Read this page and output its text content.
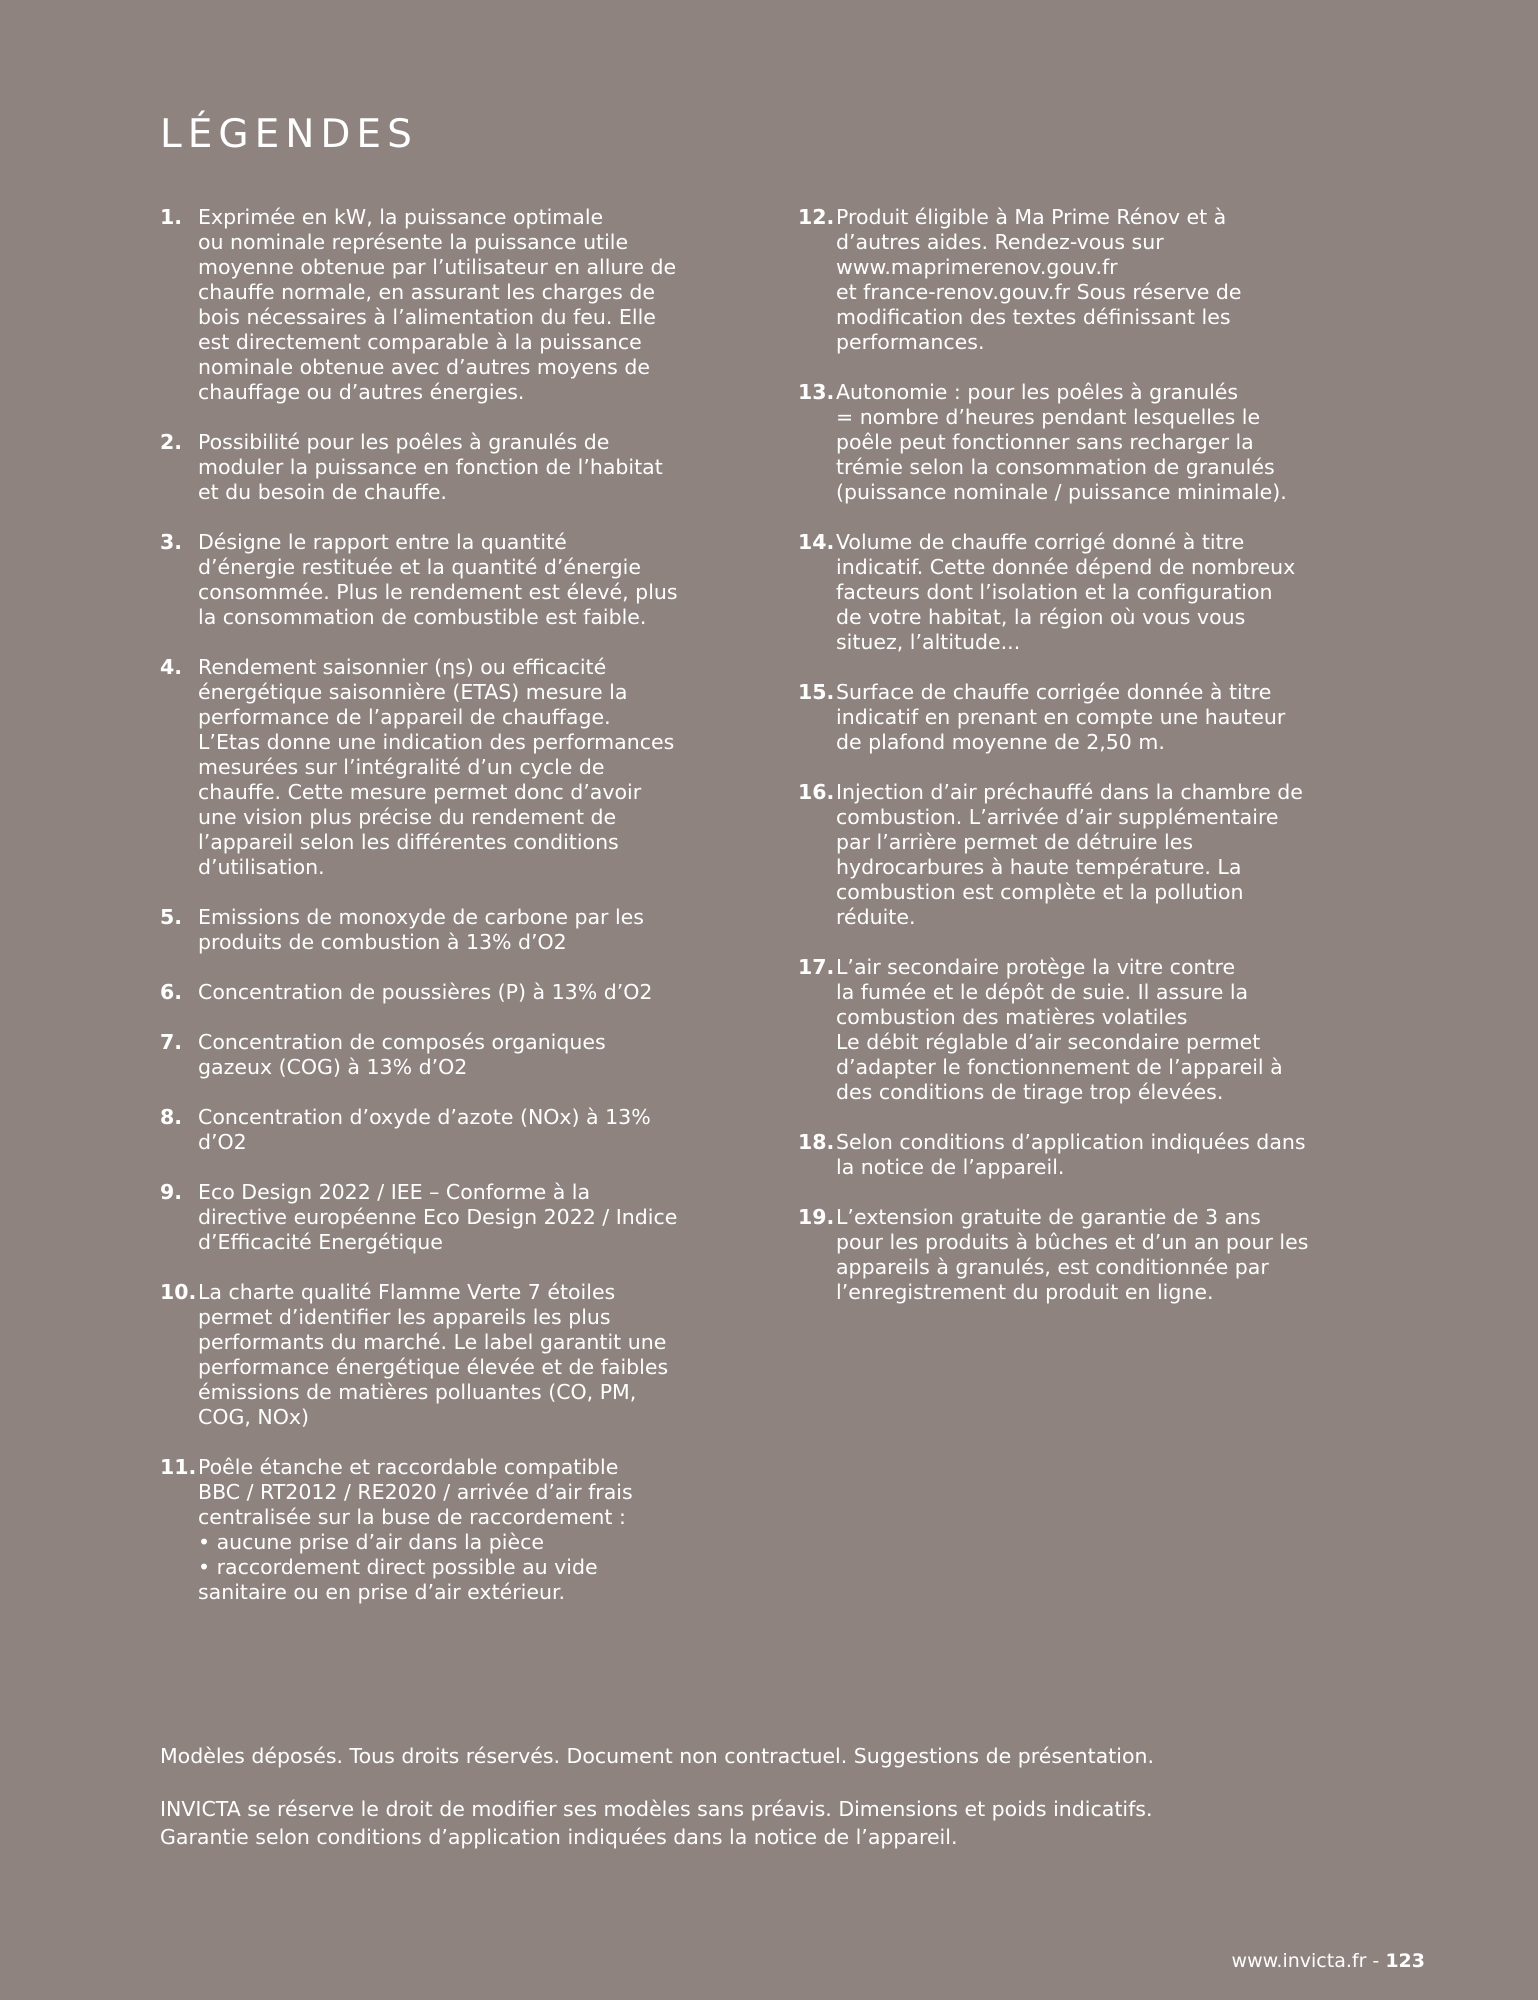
LÉGENDES
1. Exprimée en kW, la puissance optimale
ou nominale représente la puissance utile
moyenne obtenue par l’utilisateur en allure de
chauffe normale, en assurant les charges de
bois nécessaires à l’alimentation du feu. Elle
est directement comparable à la puissance
nominale obtenue avec d’autres moyens de
chauffage ou d’autres énergies.
2. Possibilité pour les poêles à granulés de
moduler la puissance en fonction de l’habitat
et du besoin de chauffe.
3. Désigne le rapport entre la quantité
d’énergie restituée et la quantité d’énergie
consommée. Plus le rendement est élevé, plus
la consommation de combustible est faible.
4. Rendement saisonnier (ηs) ou efficacité
énergétique saisonnière (ETAS) mesure la
performance de l’appareil de chauffage.
L’Etas donne une indication des performances
mesurées sur l’intégralité d’un cycle de
chauffe. Cette mesure permet donc d’avoir
une vision plus précise du rendement de
l’appareil selon les différentes conditions
d’utilisation.
5. Emissions de monoxyde de carbone par les
produits de combustion à 13% d’O2
6. Concentration de poussières (P) à 13% d’O2
7. Concentration de composés organiques
gazeux (COG) à 13% d’O2
8. Concentration d’oxyde d’azote (NOx) à 13%
d’O2
9. Eco Design 2022 / IEE – Conforme à la
directive européenne Eco Design 2022 / Indice
d’Efficacité Energétique
10. La charte qualité Flamme Verte 7 étoiles
permet d’identifier les appareils les plus
performants du marché. Le label garantit une
performance énergétique élevée et de faibles
émissions de matières polluantes (CO, PM,
COG, NOx)
11. Poêle étanche et raccordable compatible
BBC / RT2012 / RE2020 / arrivée d’air frais
centralisée sur la buse de raccordement :
• aucune prise d’air dans la pièce
• raccordement direct possible au vide
sanitaire ou en prise d’air extérieur.
12. Produit éligible à Ma Prime Rénov et à
d’autres aides. Rendez-vous sur
www.maprimerenov.gouv.fr
et france-renov.gouv.fr Sous réserve de
modification des textes définissant les
performances.
13. Autonomie : pour les poêles à granulés
= nombre d’heures pendant lesquelles le
poêle peut fonctionner sans recharger la
trémie selon la consommation de granulés
(puissance nominale / puissance minimale).
14. Volume de chauffe corrigé donné à titre
indicatif. Cette donnée dépend de nombreux
facteurs dont l’isolation et la configuration
de votre habitat, la région où vous vous
situez, l’altitude...
15. Surface de chauffe corrigée donnée à titre
indicatif en prenant en compte une hauteur
de plafond moyenne de 2,50 m.
16. Injection d’air préchauffé dans la chambre de
combustion. L’arrivée d’air supplémentaire
par l’arrière permet de détruire les
hydrocarbures à haute température. La
combustion est complète et la pollution
réduite.
17. L’air secondaire protège la vitre contre
la fumée et le dépôt de suie. Il assure la
combustion des matières volatiles
Le débit réglable d’air secondaire permet
d’adapter le fonctionnement de l’appareil à
des conditions de tirage trop élevées.
18. Selon conditions d’application indiquées dans
la notice de l’appareil.
19. L’extension gratuite de garantie de 3 ans
pour les produits à bûches et d’un an pour les
appareils à granulés, est conditionnée par
l’enregistrement du produit en ligne.

Modèles déposés. Tous droits réservés. Document non contractuel. Suggestions de présentation.

INVICTA se réserve le droit de modifier ses modèles sans préavis. Dimensions et poids indicatifs.
Garantie selon conditions d’application indiquées dans la notice de l’appareil.

www.invicta.fr - 123
